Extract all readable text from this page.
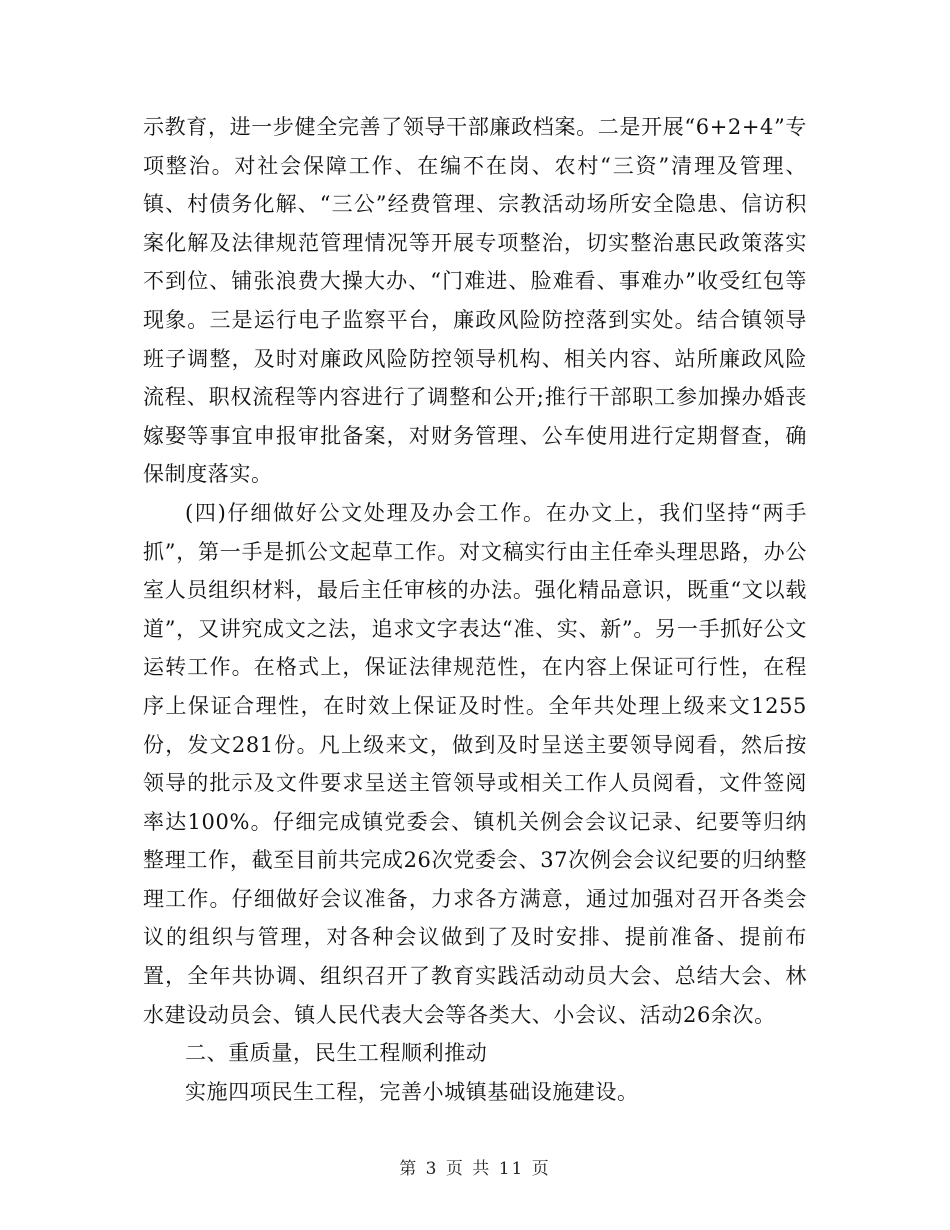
示教育，进一步健全完善了领导干部廉政档案。二是开展“6+2+4”专项整治。对社会保障工作、在编不在岗、农村“三资”清理及管理、镇、村债务化解、“三公”经费管理、宗教活动场所安全隐患、信访积案化解及法律规范管理情况等开展专项整治，切实整治惠民政策落实不到位、铺张浪费大操大办、“门难进、脸难看、事难办”收受红包等现象。三是运行电子监察平台，廉政风险防控落到实处。结合镇领导班子调整，及时对廉政风险防控领导机构、相关内容、站所廉政风险流程、职权流程等内容进行了调整和公开;推行干部职工参加操办婚丧嫁娶等事宜申报审批备案，对财务管理、公车使用进行定期督查，确保制度落实。

(四)仔细做好公文处理及办会工作。在办文上，我们坚持“两手抓”，第一手是抓公文起草工作。对文稿实行由主任牵头理思路，办公室人员组织材料，最后主任审核的办法。强化精品意识，既重“文以载道”，又讲究成文之法，追求文字表达“准、实、新”。另一手抓好公文运转工作。在格式上，保证法律规范性，在内容上保证可行性，在程序上保证合理性，在时效上保证及时性。全年共处理上级来文1255份，发文281份。凡上级来文，做到及时呈送主要领导阅看，然后按领导的批示及文件要求呈送主管领导或相关工作人员阅看，文件签阅率达100%。仔细完成镇党委会、镇机关例会会议记录、纪要等归纳整理工作，截至目前共完成26次党委会、37次例会会议纪要的归纳整理工作。仔细做好会议准备，力求各方满意，通过加强对召开各类会议的组织与管理，对各种会议做到了及时安排、提前准备、提前布置，全年共协调、组织召开了教育实践活动动员大会、总结大会、林水建设动员会、镇人民代表大会等各类大、小会议、活动26余次。

二、重质量，民生工程顺利推动

实施四项民生工程，完善小城镇基础设施建设。

第 3 页 共 11 页
